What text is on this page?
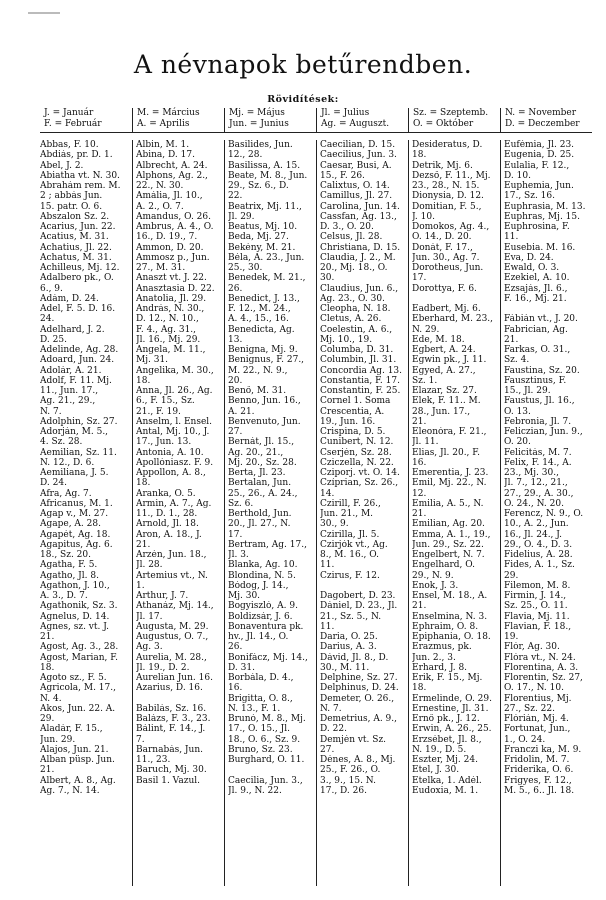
A névnapok betűrendben.
Rövidítések:
J. = Január
F. = Február
M. = Március
A. = Aprilis
Mj. = Május
Jun. = Junius
Jl. = Julius
Ag. = Auguszt.
Sz. = Szeptemb.
O. = Október
N. = November
D. = Deczember
Abbas, F. 10.
Abdiás, pr. D. 1.
Abel, J. 2.
Abiatha vt. N. 30.
Ábrahám rem. M.
2 ; abbás Jun.
15. patr. O. 6.
Abszalon Sz. 2.
Acarius, Jun. 22.
Acatius, M. 31.
Achatius, Jl. 22.
Achatus, M. 31.
Achilleus, Mj. 12.
Adalbero pk., O.
6., 9.
Ádám, D. 24.
Adel, F. 5. D. 16.
24.
Adelhard, J. 2.
D. 25.
Adelinde, Ag. 28.
Adoard, Jun. 24.
Adolár, A. 21.
Adolf, F. 11. Mj.
11., Jun. 17.,
Ag. 21., 29.,
N. 7.
Adolphin, Sz. 27.
Adorján, M. 5.,
4. Sz. 28.
Aemilian, Sz. 11.
N. 12., D. 6.
Aemiliana, J. 5.
D. 24.
Afra, Ag. 7.
Africanus, M. 1.
Agap v., M. 27.
Agape, A. 28.
Agapét, Ag. 18.
Agapitus, Ag. 6.
18., Sz. 20.
Agatha, F. 5.
Agatho, Jl. 8.
Agathon, J. 10.,
A. 3., D. 7.
Agathonik, Sz. 3.
Agnelus, D. 14.
Ágnes, sz. vt. J.
21.
Ágost, Ag. 3., 28.
Agost, Marian, F.
18.
Agoto sz., F. 5.
Agricola, M. 17.,
N. 4.
Ákos, Jun. 22. A.
29.
Aladár, F. 15.,
Jun. 29.
Alajos, Jun. 21.
Alban püsp. Jun.
21.
Albert, A. 8., Ag.
Ag. 7., N. 14.
Albin, M. 1.
Abina, D. 17.
Albrecht, A. 24.
Alphons, Ag. 2.,
22., N. 30.
Amália, Jl. 10.,
A. 2., O. 7.
Amandus, O. 26.
Ambrus, A. 4., O.
16., D. 19., 7.
Ammon, D. 20.
Ammosz p., Jun.
27., M. 31.
Anaszt vt. J. 22.
Anasztasia D. 22.
Anatolia, Jl. 29.
András, N. 30.,
D. 12., N. 10.,
F. 4., Ag. 31.,
Jl. 16., Mj. 29.
Angela, M. 11.,
Mj. 31.
Angelika, M. 30.,
18.
Anna, Jl. 26., Ag.
6., F. 15., Sz.
21., F. 19.
Anselm, l. Ensel.
Antal, Mj. 10., J.
17., Jun. 13.
Antonia, A. 10.
Apollóniasz. F. 9.
Appollon, A. 8.,
18.
Aranka, O. 5.
Ármin, A. 7., Ag.
11., D. 1., 28.
Arnold, Jl. 18.
Aron, A. 18., J.
21.
Arzén, Jun. 18.,
Jl. 28.
Artemius vt., N.
1.
Arthur, J. 7.
Athanáz, Mj. 14.,
Jl. 17.
Augusta, M. 29.
Augustus, O. 7.,
Ag. 3.
Aurelia, M. 28.,
Jl. 19., D. 2.
Aurelian Jun. 16.
Azarius, D. 16.

Babilás, Sz. 16.
Balázs, F. 3., 23.
Bálint, F. 14., J.
7.
Barnabás, Jun.
11., 23.
Baruch, Mj. 30.
Basil 1. Vazul.
Basilides, Jun.
12., 28.
Basilissa, A. 15.
Beate, M. 8., Jun.
29., Sz. 6., D.
22.
Beatrix, Mj. 11.,
Jl. 29.
Beatus, Mj. 10.
Beda, Mj. 27.
Bekény, M. 21.
Béla, A. 23., Jun.
25., 30.
Benedek, M. 21.,
26.
Benedict, J. 13.,
F. 12., M. 24.,
A. 4., 15., 16.
Benedicta, Ag.
13.
Benigna, Mj. 9.
Benignus, F. 27.,
M. 22., N. 9.,
20.
Benő, M. 31.
Benno, Jun. 16.,
A. 21.
Benvenuto, Jun.
27.
Bernát, Jl. 15.,
Ag. 20., 21.,
Mj. 20., Sz. 28.
Berta, Jl. 23.
Bertalan, Jun.
25., 26., A. 24.,
Sz. 6.
Berthold, Jun.
20., Jl. 27., N.
17.
Bertram, Ag. 17.,
Jl. 3.
Blanka, Ag. 10.
Blondina, N. 5.
Bódog, J. 14.,
Mj. 30.
Bogyiszló, A. 9.
Boldizsár, J. 6.
Bonaventura pk.
hv., Jl. 14., O.
26.
Bonifácz, Mj. 14.,
D. 31.
Borbála, D. 4.,
16.
Brigitta, O. 8.,
N. 13., F. 1.
Brunó, M. 8., Mj.
17., O. 15., Jl.
18., O. 6., Sz. 9.
Bruno, Sz. 23.
Burghard, O. 11.

Caecilia, Jun. 3.,
Jl. 9., N. 22.
Caecilian, D. 15.
Caecilius, Jun. 3.
Caesar, Busi, A.
15., F. 26.
Calixtus, O. 14.
Camillus, Jl. 27.
Carolina, Jun. 14.
Cassfan, Ag. 13.,
D. 3., O. 20.
Celsus, Jl. 28.
Christiana, D. 15.
Claudia, J. 2., M.
20., Mj. 18., O.
30.
Claudius, Jun. 6.,
Ag. 23., O. 30.
Cleopha, N. 18.
Cletus, A. 26.
Coelestin, A. 6.,
Mj. 10., 19.
Columba, D. 31.
Columbin, Jl. 31.
Concordia Ag. 13.
Constantia, F. 17.
Constantin, F. 25.
Cornel 1. Soma
Crescentia, A.
19., Jun. 16.
Crispina, D. 5.
Cunibert, N. 12.
Cserjén, Sz. 28.
Cziczella, N. 22.
Cziporj. vt. O. 14.
Czíprian, Sz. 26.,
14.
Czirill, F. 26.,
Jun. 21., M.
30., 9.
Czirilla, Jl. 5.
Czirjók vt., Ag.
8., M. 16., O.
11.
Czirus, F. 12.

Dagobert, D. 23.
Dániel, D. 23., Jl.
21., Sz. 5., N.
11.
Daria, O. 25.
Darius, A. 3.
Dávid, Jl. 8., D.
30., M. 11.
Delphine, Sz. 27.
Delphinus, D. 24.
Demeter, O. 26.,
N. 7.
Demetrius, A. 9.,
D. 22.
Demjén vt. Sz.
27.
Dénes, A. 8., Mj.
25., F. 26., O.
3., 9., 15. N.
17., D. 26.
Desideratus, D.
18.
Detrik, Mj. 6.
Dezső, F. 11., Mj.
23., 28., N. 15.
Dionysia, D. 12.
Domitian, F. 5.,
J. 10.
Domokos, Ag. 4.,
O. 14., D. 20.
Donát, F. 17.,
Jun. 30., Ag. 7.
Dorotheus, Jun.
17.
Dorottya, F. 6.

Eadbert, Mj. 6.
Eberhard, M. 23.,
N. 29.
Ede, M. 18.
Egbert, A. 24.
Egwin pk., J. 11.
Egyed, A. 27.,
Sz. 1.
Elazar, Sz. 27.
Elek, F. 11.. M.
28., Jun. 17.,
21.
Eleonóra, F. 21.,
Jl. 11.
Elias, Jl. 20., F.
16.
Emerentia, J. 23.
Emil, Mj. 22., N.
12.
Emilia, A. 5., N.
21.
Emilian, Ag. 20.
Emma, A. 1., 19.,
Jun. 29., Sz. 22.
Engelbert, N. 7.
Engelhard, O.
29., N. 9.
Enok, J. 3.
Ensel, M. 18., A.
21.
Enselmina, N. 3.
Ephraim, O. 8.
Epiphania, O. 18.
Erazmus, pk.
Jun. 2., 3.
Erhard, J. 8.
Erik, F. 15., Mj.
18.
Ermelinde, O. 29.
Ernestine, Jl. 31.
Ernő pk., J. 12.
Erwin, A. 26., 25.
Erzsébet, Jl. 8.,
N. 19., D. 5.
Eszter, Mj. 24.
Etel, J. 30.
Etelka, 1. Adél.
Eudoxia, M. 1.
Eufémia, Jl. 23.
Eugenia, D. 25.
Eulalia, F. 12.,
D. 10.
Euphemia, Jun.
17., Sz. 16.
Euphrasia, M. 13.
Euphras, Mj. 15.
Euphrosina, F.
11.
Eusebia. M. 16.
Éva, D. 24.
Ewald, O. 3.
Ezekiel, A. 10.
Ezsajás, Jl. 6.,
F. 16., Mj. 21.

Fábián vt., J. 20.
Fabrician, Ag.
21.
Farkas, O. 31.,
Sz. 4.
Faustina, Sz. 20.
Fausztinus, F.
15., Jl. 29.
Faustus, Jl. 16.,
O. 13.
Febronia, Jl. 7.
Feliczian, Jun. 9.,
O. 20.
Felicitás, M. 7.
Felix, F. 14., A.
23., Mj. 30.,
Jl. 7., 12., 21.,
27., 29., A. 30.,
O. 24., N. 20.
Ferencz, N. 9., O.
10., A. 2., Jun.
16., Jl. 24., J.
29., O. 4., D. 3.
Fidelius, A. 28.
Fides, A. 1., Sz.
29.
Filemon, M. 8.
Firmin, J. 14.,
Sz. 25., O. 11.
Flavia, Mj. 11.
Flavian, F. 18.,
19.
Flór, Ag. 30.
Flóra vt., N. 24.
Florentina, A. 3.
Florentin, Sz. 27,
O. 17., N. 10.
Florentius, Mj.
27., Sz. 22.
Flórián, Mj. 4.
Fortunat, Jun.,
1., O. 24.
Franczi ka, M. 9.
Fridolin, M. 7.
Friderika, O. 6.
Frigyes, F. 12.,
M. 5., 6.. Jl. 18.
